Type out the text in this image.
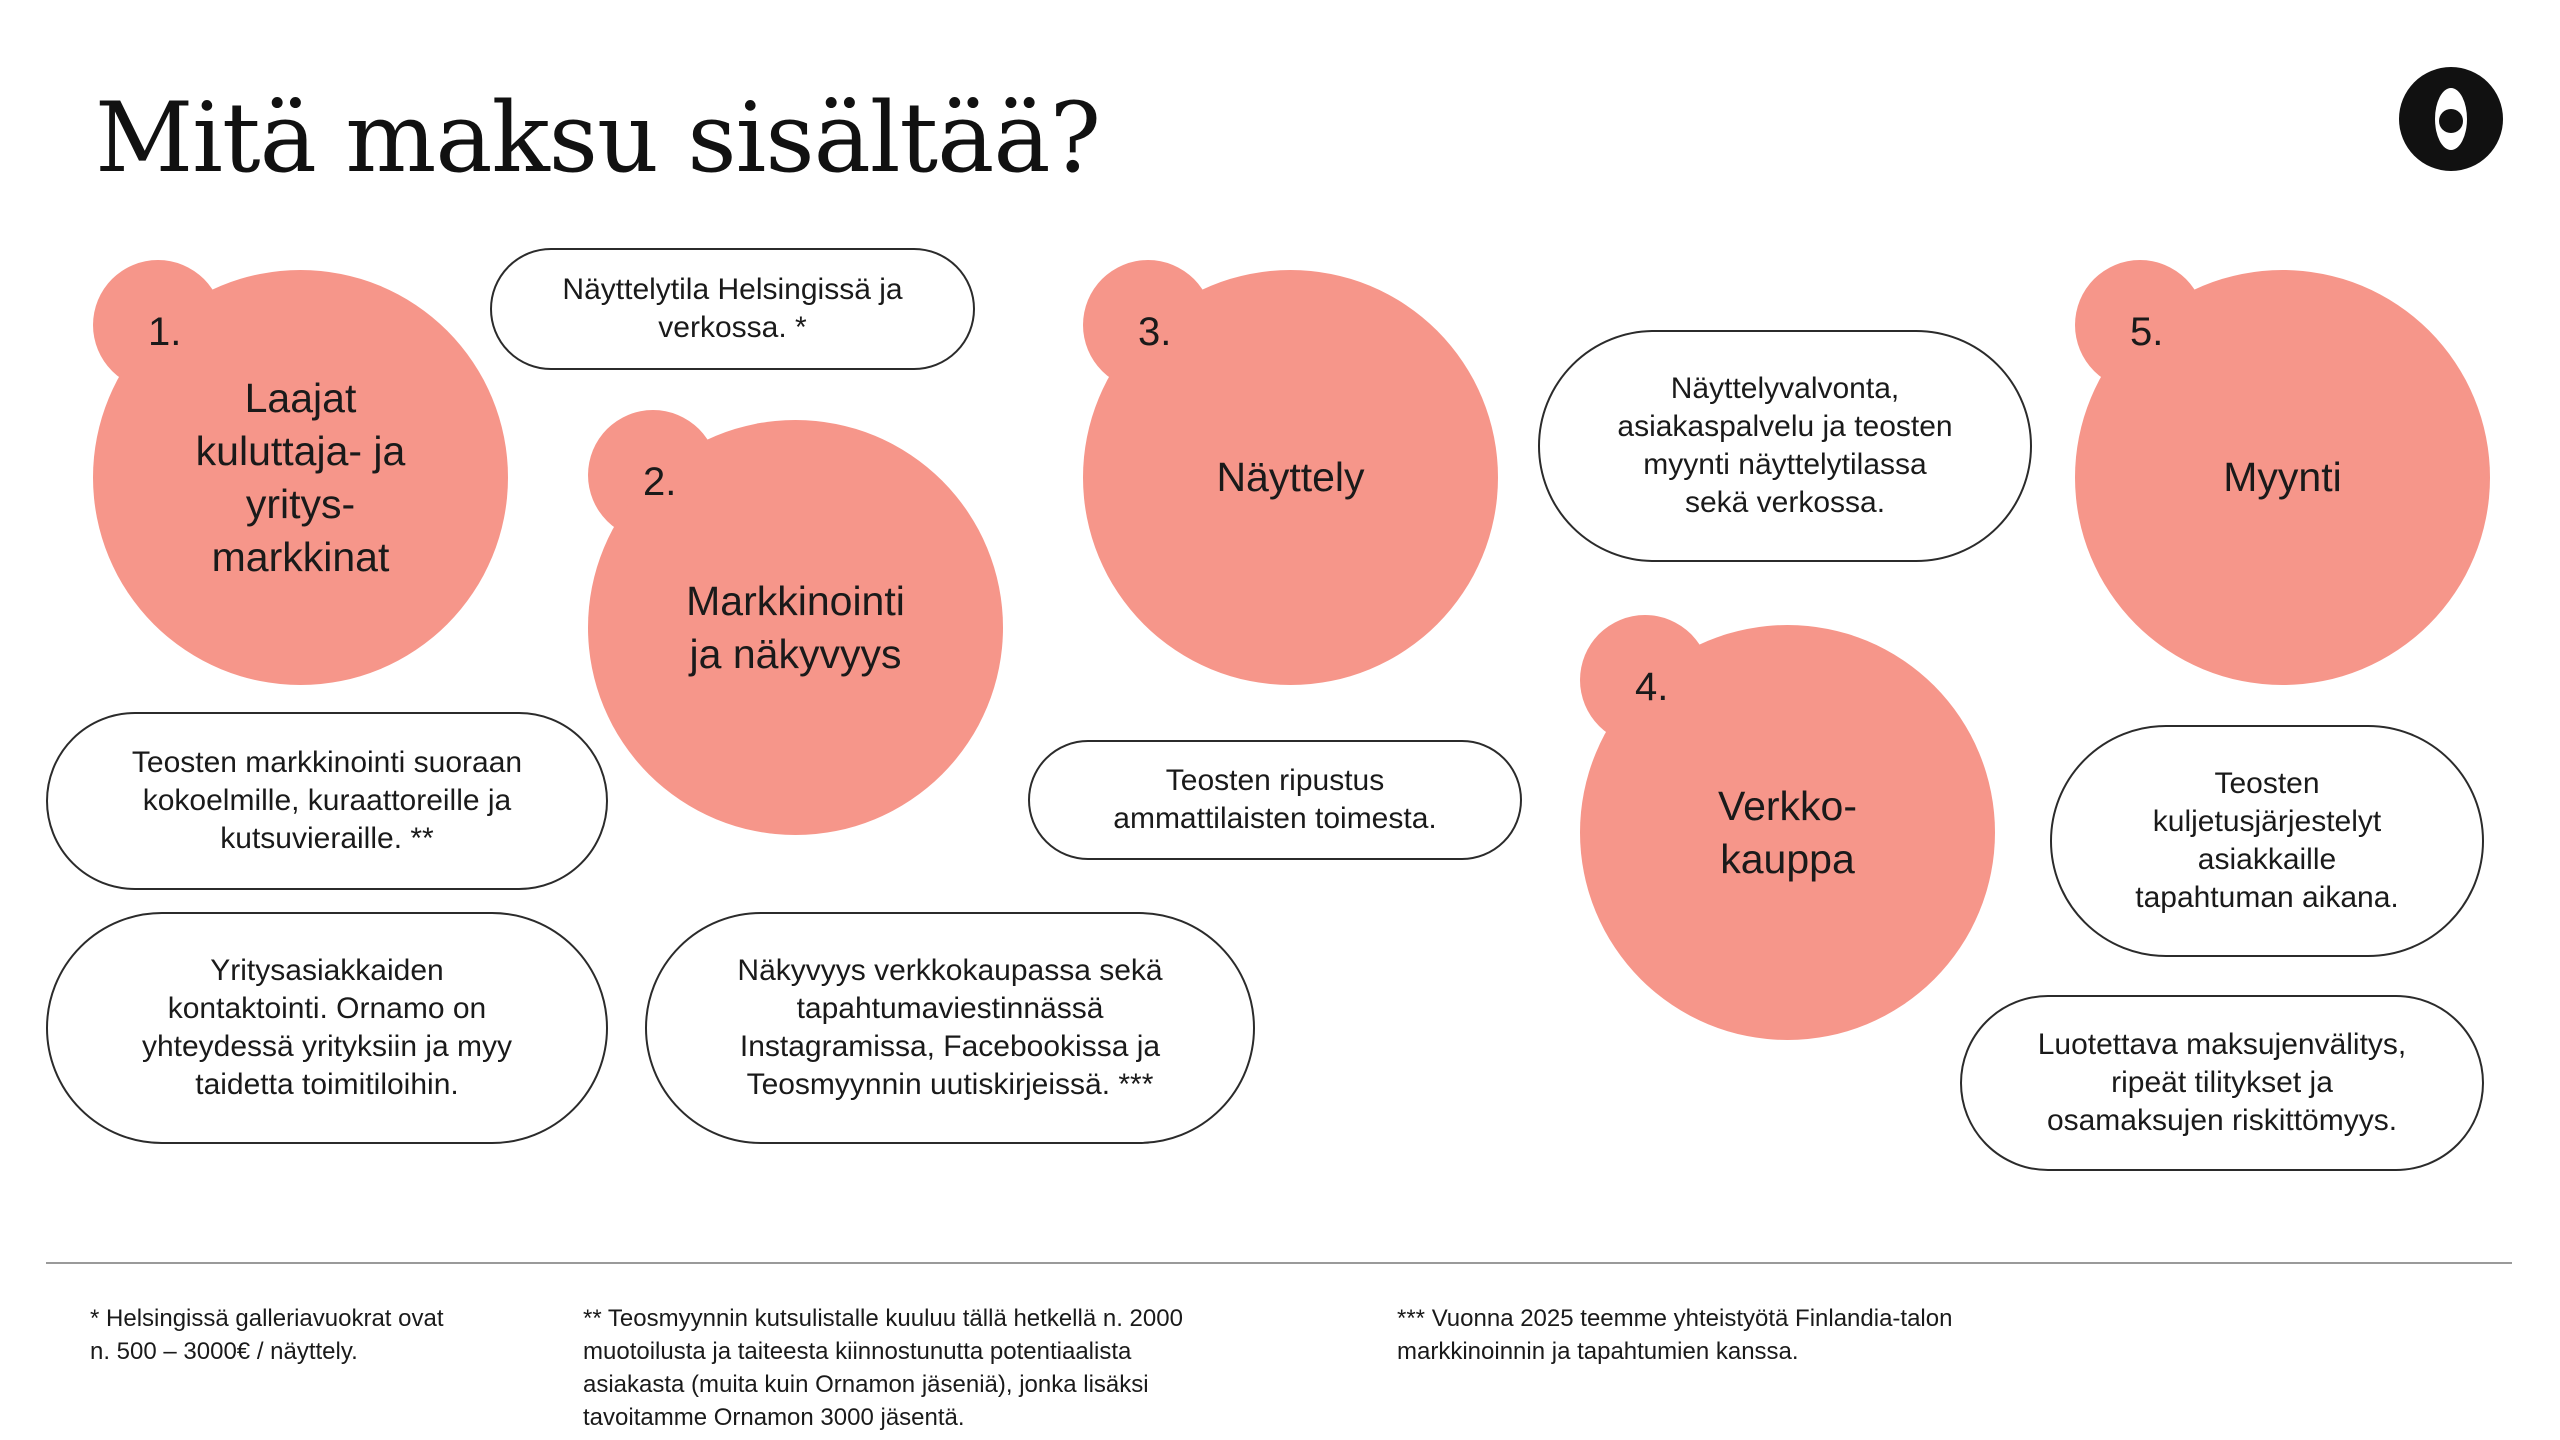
Mitä maksu sisältää?
1.
Laajat
kuluttaja- ja
yritys-
markkinat
2.
Markkinointi
ja näkyvyys
3.
Näyttely
4.
Verkko-
kauppa
5.
Myynti
Näyttelytila Helsingissä ja
verkossa. *
Teosten markkinointi suoraan
kokoelmille, kuraattoreille ja
kutsuvieraille. **
Yritysasiakkaiden
kontaktointi. Ornamo on
yhteydessä yrityksiin ja myy
taidetta toimitiloihin.
Näkyvyys verkkokaupassa sekä
tapahtumaviestinnässä
Instagramissa, Facebookissa ja
Teosmyynnin uutiskirjeissä. ***
Teosten ripustus
ammattilaisten toimesta.
Näyttelyvalvonta,
asiakaspalvelu ja teosten
myynti näyttelytilassa
sekä verkossa.
Teosten
kuljetusjärjestelyt
asiakkaille
tapahtuman aikana.
Luotettava maksujenvälitys,
ripeät tilitykset ja
osamaksujen riskittömyys.
* Helsingissä galleriavuokrat ovat
n. 500 – 3000€ / näyttely.
** Teosmyynnin kutsulistalle kuuluu tällä hetkellä n. 2000
muotoilusta ja taiteesta kiinnostunutta potentiaalista
asiakasta (muita kuin Ornamon jäseniä), jonka lisäksi
tavoitamme Ornamon 3000 jäsentä.
*** Vuonna 2025 teemme yhteistyötä Finlandia-talon
markkinoinnin ja tapahtumien kanssa.
